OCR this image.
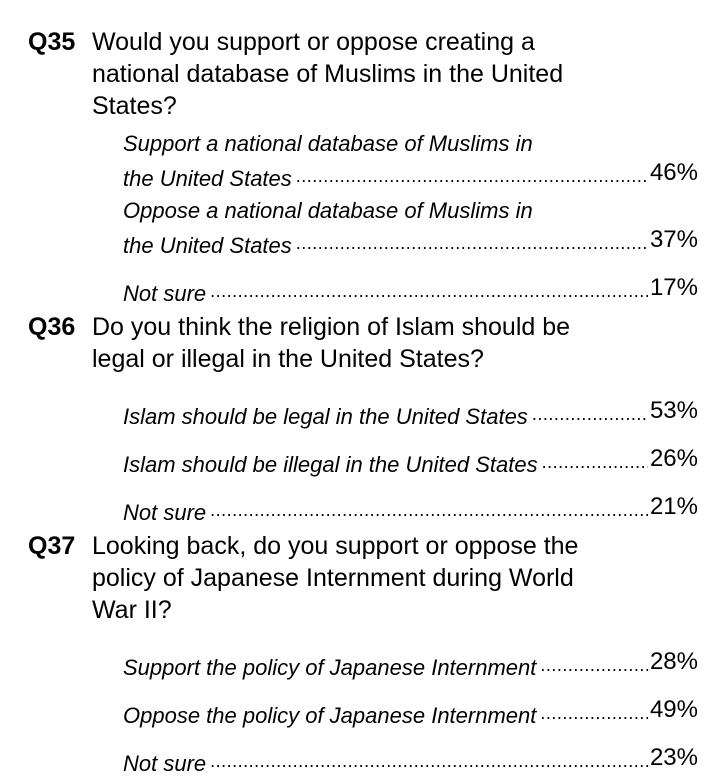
Q35 Would you support or oppose creating a
national database of Muslims in the United
States?
Support a national database of Muslims in
the United States .....	46%
Oppose a national database of Muslims in
the United States .....	37%
Not sure .....	17%
Q36 Do you think the religion of Islam should be
legal or illegal in the United States?
Islam should be legal in the United States .....	53%
Islam should be illegal in the United States .....	26%
Not sure .....	21%
Q37 Looking back, do you support or oppose the
policy of Japanese Internment during World
War II?
Support the policy of Japanese Internment .....	28%
Oppose the policy of Japanese Internment .....	49%
Not sure .....	23%
